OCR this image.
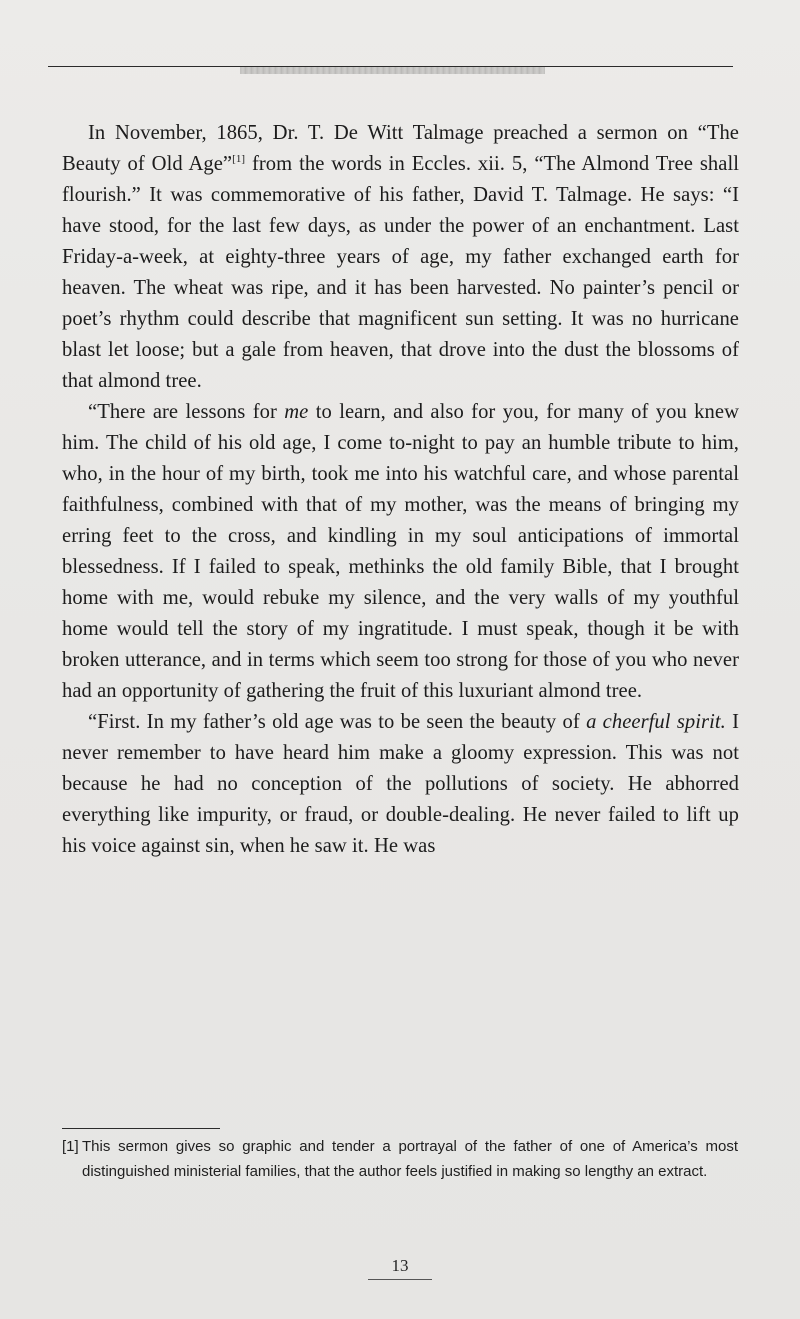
In November, 1865, Dr. T. De Witt Talmage preached a sermon on “The Beauty of Old Age”[1] from the words in Eccles. xii. 5, “The Almond Tree shall flourish.” It was commemorative of his father, David T. Talmage. He says: “I have stood, for the last few days, as under the power of an enchantment. Last Friday-a-week, at eighty-three years of age, my father exchanged earth for heaven. The wheat was ripe, and it has been harvested. No painter’s pencil or poet’s rhythm could describe that magnificent sun setting. It was no hurricane blast let loose; but a gale from heaven, that drove into the dust the blossoms of that almond tree.

“There are lessons for me to learn, and also for you, for many of you knew him. The child of his old age, I come to-night to pay an humble tribute to him, who, in the hour of my birth, took me into his watchful care, and whose parental faithfulness, combined with that of my mother, was the means of bringing my erring feet to the cross, and kindling in my soul anticipations of immortal blessedness. If I failed to speak, methinks the old family Bible, that I brought home with me, would rebuke my silence, and the very walls of my youthful home would tell the story of my ingratitude. I must speak, though it be with broken utterance, and in terms which seem too strong for those of you who never had an opportunity of gathering the fruit of this luxuriant almond tree.

“First. In my father’s old age was to be seen the beauty of a cheerful spirit. I never remember to have heard him make a gloomy expression. This was not because he had no conception of the pollutions of society. He abhorred everything like impurity, or fraud, or double-dealing. He never failed to lift up his voice against sin, when he saw it. He was

[1] This sermon gives so graphic and tender a portrayal of the father of one of America’s most distinguished ministerial families, that the author feels justified in making so lengthy an extract.
13
